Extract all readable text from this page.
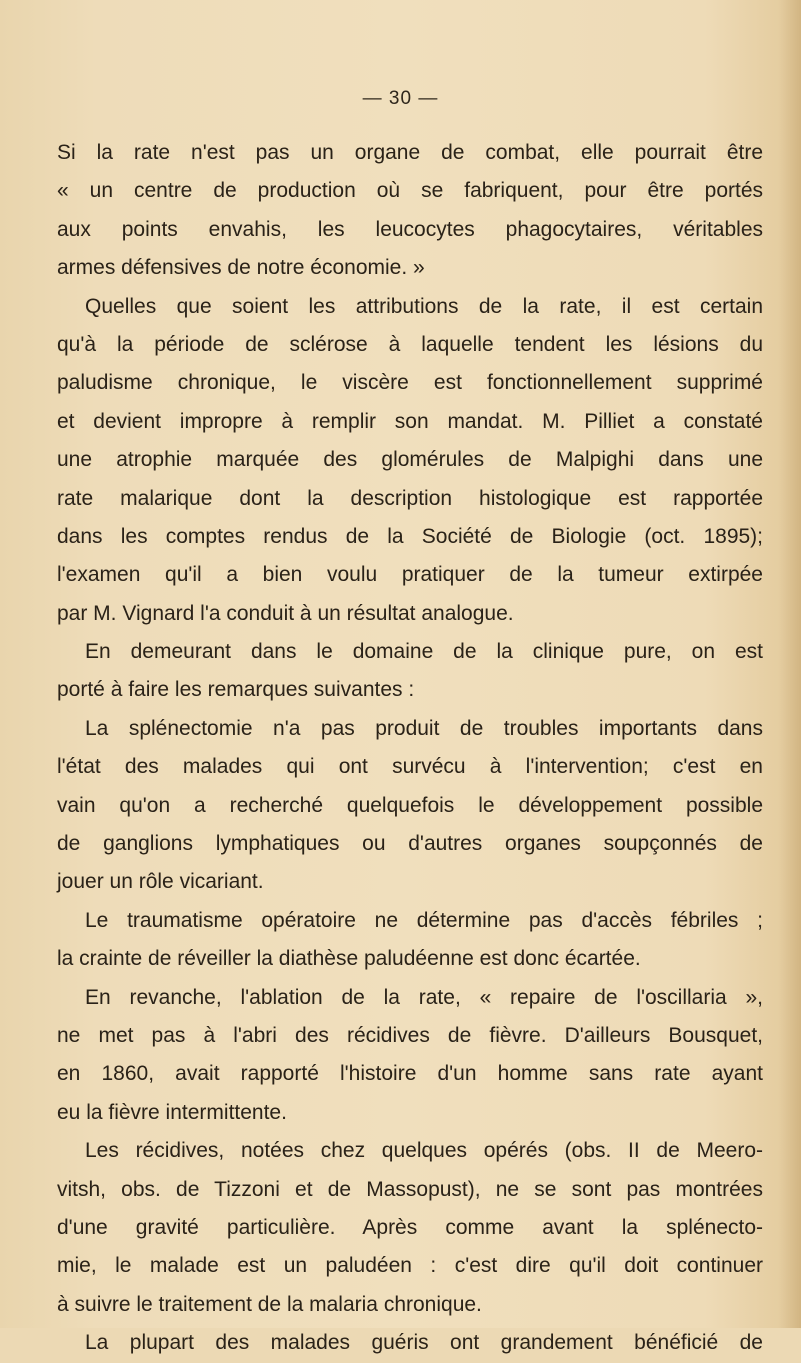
— 30 —
Si la rate n'est pas un organe de combat, elle pourrait être
« un centre de production où se fabriquent, pour être portés
aux points envahis, les leucocytes phagocytaires, véritables
armes défensives de notre économie. »
Quelles que soient les attributions de la rate, il est certain
qu'à la période de sclérose à laquelle tendent les lésions du
paludisme chronique, le viscère est fonctionnellement supprimé
et devient impropre à remplir son mandat. M. Pilliet a constaté
une atrophie marquée des glomérules de Malpighi dans une
rate malarique dont la description histologique est rapportée
dans les comptes rendus de la Société de Biologie (oct. 1895);
l'examen qu'il a bien voulu pratiquer de la tumeur extirpée
par M. Vignard l'a conduit à un résultat analogue.
En demeurant dans le domaine de la clinique pure, on est
porté à faire les remarques suivantes :
La splénectomie n'a pas produit de troubles importants dans
l'état des malades qui ont survécu à l'intervention; c'est en
vain qu'on a recherché quelquefois le développement possible
de ganglions lymphatiques ou d'autres organes soupçonnés de
jouer un rôle vicariant.
Le traumatisme opératoire ne détermine pas d'accès fébriles ;
la crainte de réveiller la diathèse paludéenne est donc écartée.
En revanche, l'ablation de la rate, « repaire de l'oscillaria »,
ne met pas à l'abri des récidives de fièvre. D'ailleurs Bousquet,
en 1860, avait rapporté l'histoire d'un homme sans rate ayant
eu la fièvre intermittente.
Les récidives, notées chez quelques opérés (obs. II de Meero-
vitsh, obs. de Tizzoni et de Massopust), ne se sont pas montrées
d'une gravité particulière. Après comme avant la splénecto-
mie, le malade est un paludéen : c'est dire qu'il doit continuer
à suivre le traitement de la malaria chronique.
La plupart des malades guéris ont grandement bénéficié de
